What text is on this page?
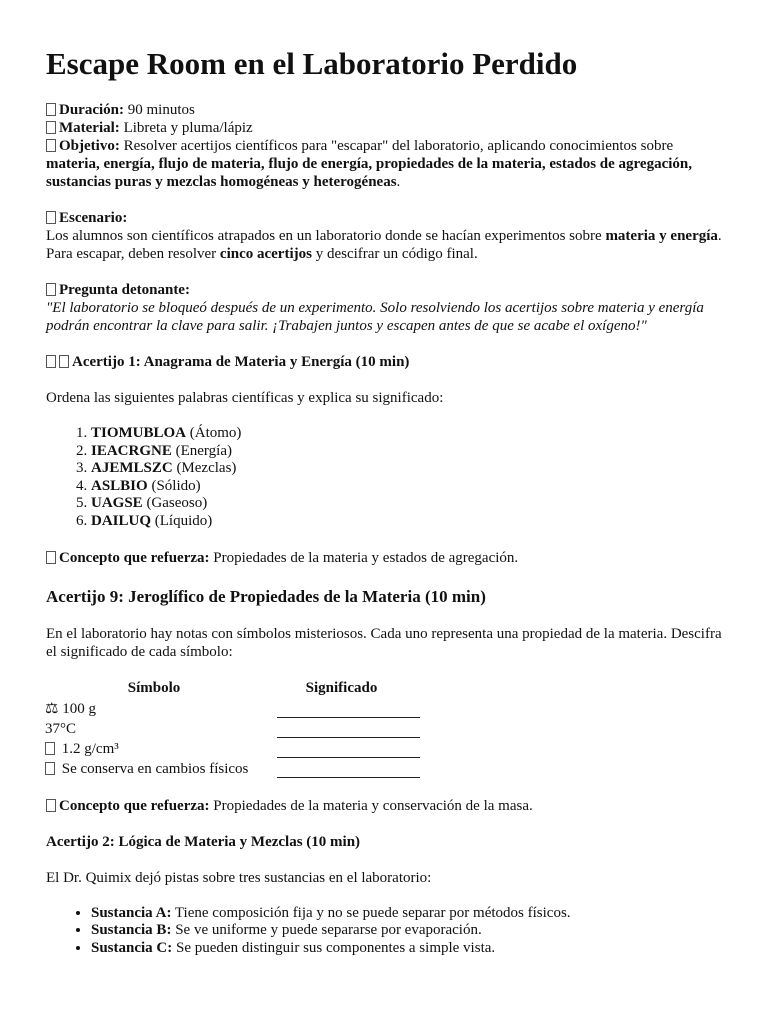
Escape Room en el Laboratorio Perdido

Duración: 90 minutos

Material: Libreta y pluma/lápiz

Objetivo: Resolver acertijos científicos para "escapar" del laboratorio, aplicando conocimientos sobre materia, energía, flujo de materia, flujo de energía, propiedades de la materia, estados de agregación, sustancias puras y mezclas homogéneas y heterogéneas.

Escenario:

Los alumnos son científicos atrapados en un laboratorio donde se hacían experimentos sobre materia y energía. Para escapar, deben resolver cinco acertijos y descifrar un código final.

Pregunta detonante:

"El laboratorio se bloqueó después de un experimento. Solo resolviendo los acertijos sobre materia y energía podrán encontrar la clave para salir. ¡Trabajen juntos y escapen antes de que se acabe el oxígeno!"

Acertijo 1: Anagrama de Materia y Energía (10 min)

Ordena las siguientes palabras científicas y explica su significado:

1. TIOMUBLOA (Átomo)
2. IEACRGNE (Energía)
3. AJEMLSZC (Mezclas)
4. ASLBIO (Sólido)
5. UAGSE (Gaseoso)
6. DAILUQ (Líquido)

Concepto que refuerza: Propiedades de la materia y estados de agregación.

Acertijo 9: Jeroglífico de Propiedades de la Materia (10 min)

En el laboratorio hay notas con símbolos misteriosos. Cada uno representa una propiedad de la materia. Descifra el significado de cada símbolo:

Símbolo	Significado
⚖ 100 g	

37°C	

1.2 g/cm³	

Se conserva en cambios físicos	

Concepto que refuerza: Propiedades de la materia y conservación de la masa.

Acertijo 2: Lógica de Materia y Mezclas (10 min)

El Dr. Quimix dejó pistas sobre tres sustancias en el laboratorio:

• Sustancia A: Tiene composición fija y no se puede separar por métodos físicos.
• Sustancia B: Se ve uniforme y puede separarse por evaporación.
• Sustancia C: Se pueden distinguir sus componentes a simple vista.
